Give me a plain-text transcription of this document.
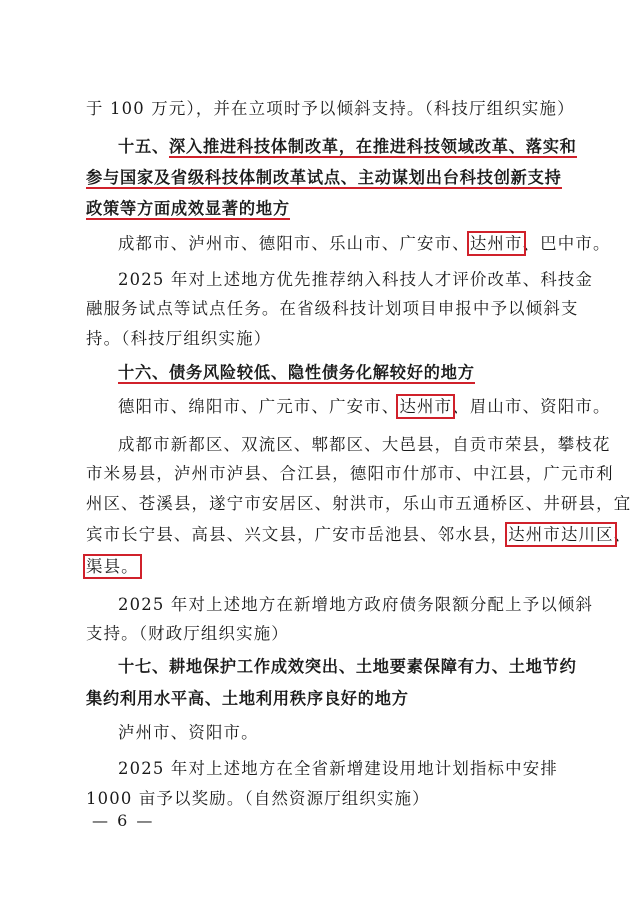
于 100 万元），并在立项时予以倾斜支持。（科技厅组织实施）
十五、深入推进科技体制改革，在推进科技领域改革、落实和
参与国家及省级科技体制改革试点、主动谋划出台科技创新支持
政策等方面成效显著的地方
成都市、泸州市、德阳市、乐山市、广安市、达州市、巴中市。
2025 年对上述地方优先推荐纳入科技人才评价改革、科技金
融服务试点等试点任务。在省级科技计划项目申报中予以倾斜支
持。（科技厅组织实施）
十六、债务风险较低、隐性债务化解较好的地方
德阳市、绵阳市、广元市、广安市、达州市、眉山市、资阳市。
成都市新都区、双流区、郫都区、大邑县，自贡市荣县，攀枝花
市米易县，泸州市泸县、合江县，德阳市什邡市、中江县，广元市利
州区、苍溪县，遂宁市安居区、射洪市，乐山市五通桥区、井研县，宜
宾市长宁县、高县、兴文县，广安市岳池县、邻水县，达州市达川区、
渠县。
2025 年对上述地方在新增地方政府债务限额分配上予以倾斜
支持。（财政厅组织实施）
十七、耕地保护工作成效突出、土地要素保障有力、土地节约
集约利用水平高、土地利用秩序良好的地方
泸州市、资阳市。
2025 年对上述地方在全省新增建设用地计划指标中安排
1000 亩予以奖励。（自然资源厅组织实施）
— 6 —
